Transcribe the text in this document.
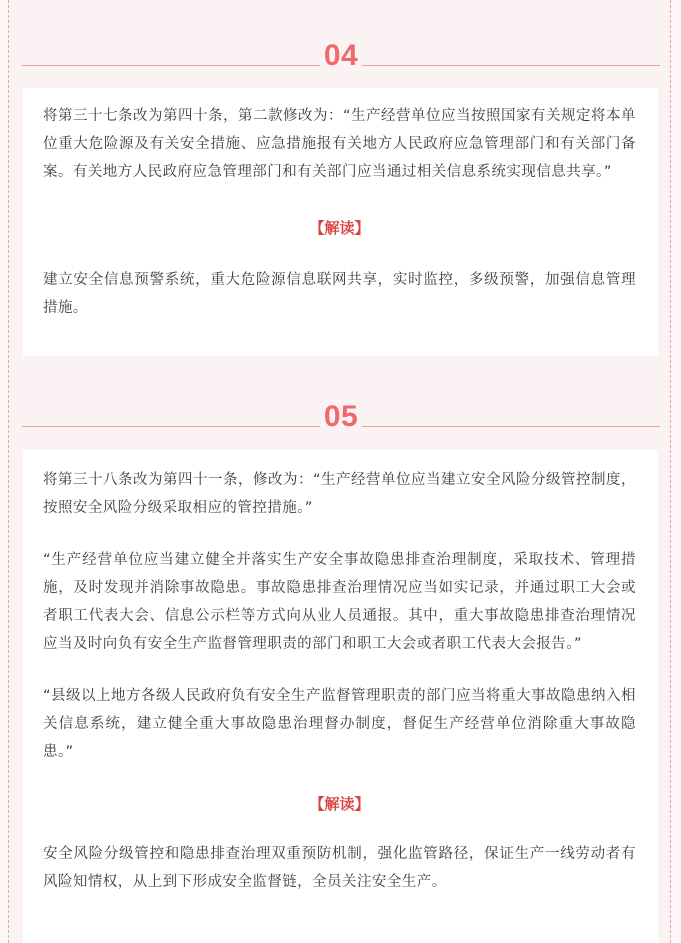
04

将第三十七条改为第四十条，第二款修改为：“生产经营单位应当按照国家有关规定将本单位重大危险源及有关安全措施、应急措施报有关地方人民政府应急管理部门和有关部门备案。有关地方人民政府应急管理部门和有关部门应当通过相关信息系统实现信息共享。”

【解读】

建立安全信息预警系统，重大危险源信息联网共享，实时监控，多级预警，加强信息管理措施。

05

将第三十八条改为第四十一条，修改为：“生产经营单位应当建立安全风险分级管控制度，按照安全风险分级采取相应的管控措施。”

“生产经营单位应当建立健全并落实生产安全事故隐患排查治理制度，采取技术、管理措施，及时发现并消除事故隐患。事故隐患排查治理情况应当如实记录，并通过职工大会或者职工代表大会、信息公示栏等方式向从业人员通报。其中，重大事故隐患排查治理情况应当及时向负有安全生产监督管理职责的部门和职工大会或者职工代表大会报告。”

“县级以上地方各级人民政府负有安全生产监督管理职责的部门应当将重大事故隐患纳入相关信息系统，建立健全重大事故隐患治理督办制度，督促生产经营单位消除重大事故隐患。”

【解读】

安全风险分级管控和隐患排查治理双重预防机制，强化监管路径，保证生产一线劳动者有风险知情权，从上到下形成安全监督链，全员关注安全生产。
